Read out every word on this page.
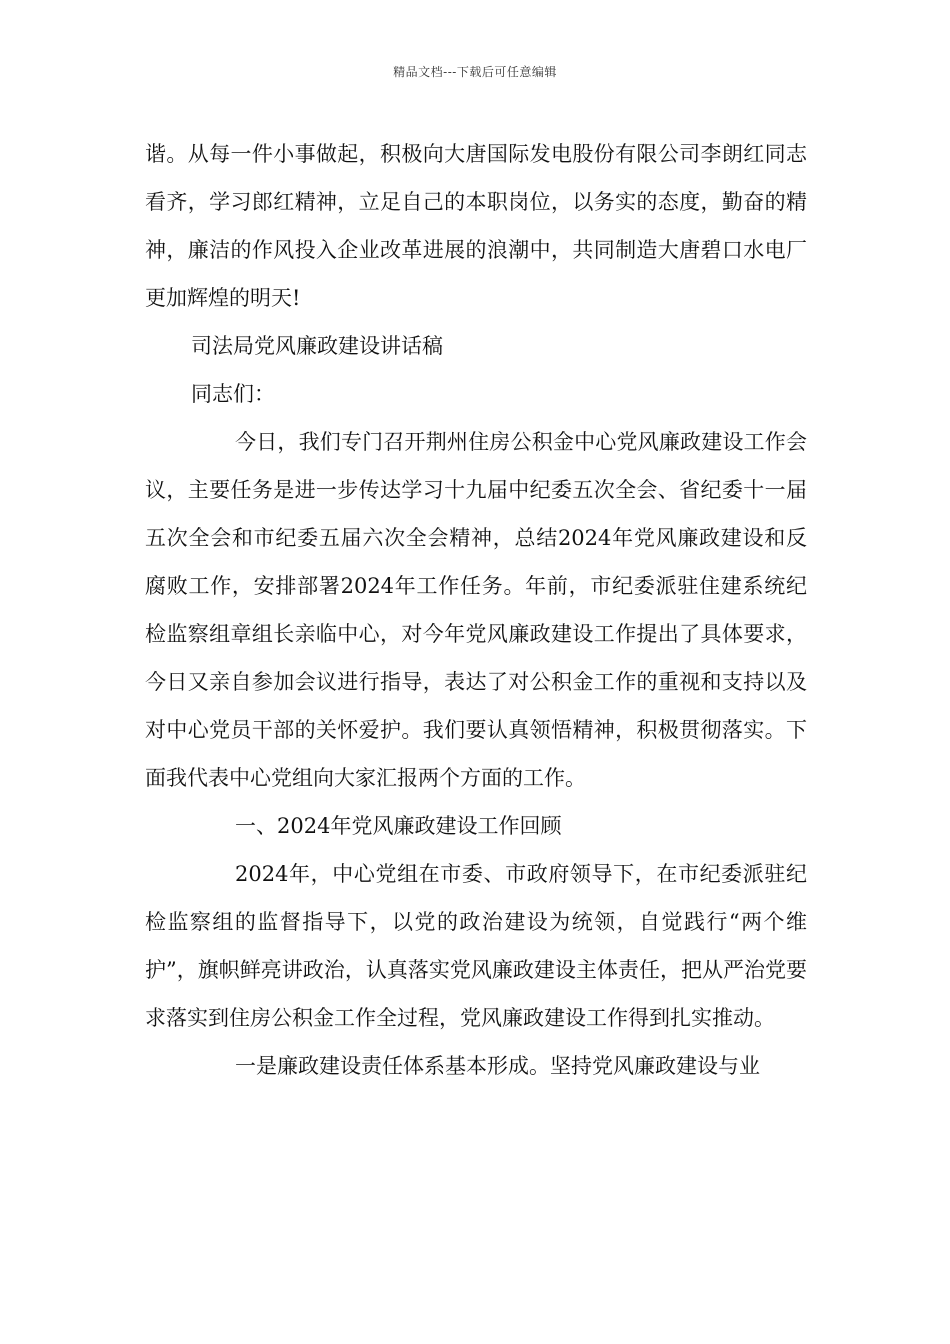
精品文档---下载后可任意编辑

谐。从每一件小事做起，积极向大唐国际发电股份有限公司李朗红同志看齐，学习郎红精神，立足自己的本职岗位，以务实的态度，勤奋的精神，廉洁的作风投入企业改革进展的浪潮中，共同制造大唐碧口水电厂更加辉煌的明天!

司法局党风廉政建设讲话稿

同志们：

今日，我们专门召开荆州住房公积金中心党风廉政建设工作会议，主要任务是进一步传达学习十九届中纪委五次全会、省纪委十一届五次全会和市纪委五届六次全会精神，总结2024年党风廉政建设和反腐败工作，安排部署2024年工作任务。年前，市纪委派驻住建系统纪检监察组章组长亲临中心，对今年党风廉政建设工作提出了具体要求，今日又亲自参加会议进行指导，表达了对公积金工作的重视和支持以及对中心党员干部的关怀爱护。我们要认真领悟精神，积极贯彻落实。下面我代表中心党组向大家汇报两个方面的工作。

一、2024年党风廉政建设工作回顾

2024年，中心党组在市委、市政府领导下，在市纪委派驻纪检监察组的监督指导下，以党的政治建设为统领，自觉践行“两个维护”，旗帜鲜亮讲政治，认真落实党风廉政建设主体责任，把从严治党要求落实到住房公积金工作全过程，党风廉政建设工作得到扎实推动。

一是廉政建设责任体系基本形成。坚持党风廉政建设与业
